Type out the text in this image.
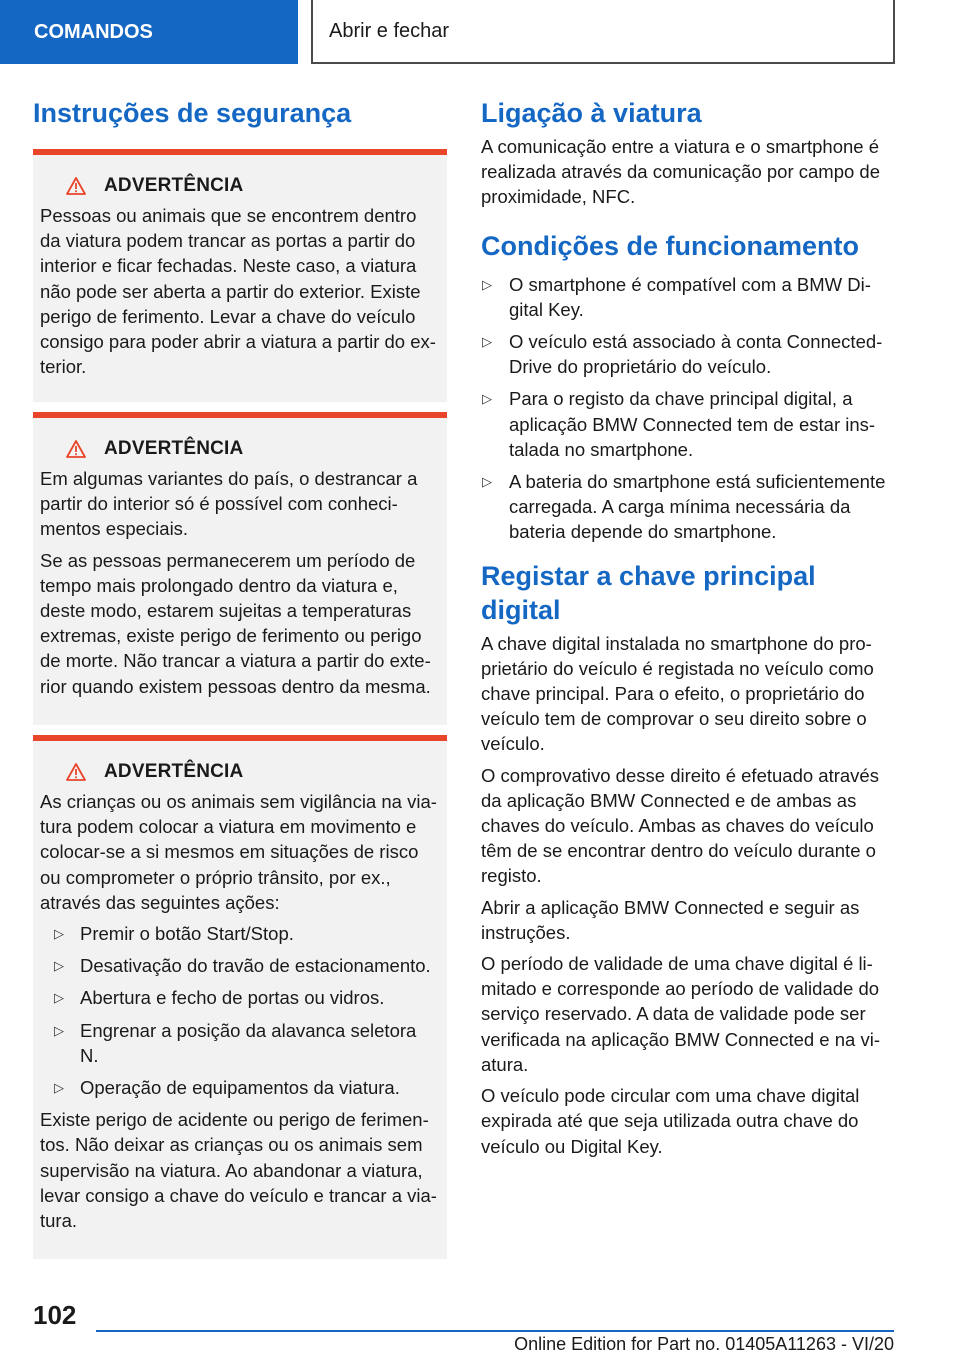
COMANDOS	Abrir e fechar
Instruções de segurança
ADVERTÊNCIA

Pessoas ou animais que se encontrem dentro da viatura podem trancar as portas a partir do interior e ficar fechadas. Neste caso, a viatura não pode ser aberta a partir do exterior. Existe perigo de ferimento. Levar a chave do veículo consigo para poder abrir a viatura a partir do exterior.

ADVERTÊNCIA

Em algumas variantes do país, o destrancar a partir do interior só é possível com conhecimentos especiais.

Se as pessoas permanecerem um período de tempo mais prolongado dentro da viatura e, deste modo, estarem sujeitas a temperaturas extremas, existe perigo de ferimento ou perigo de morte. Não trancar a viatura a partir do exterior quando existem pessoas dentro da mesma.

ADVERTÊNCIA

As crianças ou os animais sem vigilância na viatura podem colocar a viatura em movimento e colocar-se a si mesmos em situações de risco ou comprometer o próprio trânsito, por ex., através das seguintes ações:

▷ Premir o botão Start/Stop.
▷ Desativação do travão de estacionamento.
▷ Abertura e fecho de portas ou vidros.
▷ Engrenar a posição da alavanca seletora N.
▷ Operação de equipamentos da viatura.

Existe perigo de acidente ou perigo de ferimentos. Não deixar as crianças ou os animais sem supervisão na viatura. Ao abandonar a viatura, levar consigo a chave do veículo e trancar a viatura.

Ligação à viatura

A comunicação entre a viatura e o smartphone é realizada através da comunicação por campo de proximidade, NFC.

Condições de funcionamento
▷ O smartphone é compatível com a BMW Digital Key.
▷ O veículo está associado à conta ConnectedDrive do proprietário do veículo.
▷ Para o registo da chave principal digital, a aplicação BMW Connected tem de estar instalada no smartphone.
▷ A bateria do smartphone está suficientemente carregada. A carga mínima necessária da bateria depende do smartphone.
Registar a chave principal digital

A chave digital instalada no smartphone do proprietário do veículo é registada no veículo como chave principal. Para o efeito, o proprietário do veículo tem de comprovar o seu direito sobre o veículo.

O comprovativo desse direito é efetuado através da aplicação BMW Connected e de ambas as chaves do veículo. Ambas as chaves do veículo têm de se encontrar dentro do veículo durante o registo.

Abrir a aplicação BMW Connected e seguir as instruções.

O período de validade de uma chave digital é limitado e corresponde ao período de validade do serviço reservado. A data de validade pode ser verificada na aplicação BMW Connected e na viatura.

O veículo pode circular com uma chave digital expirada até que seja utilizada outra chave do veículo ou Digital Key.

102
Online Edition for Part no. 01405A11263 - VI/20
